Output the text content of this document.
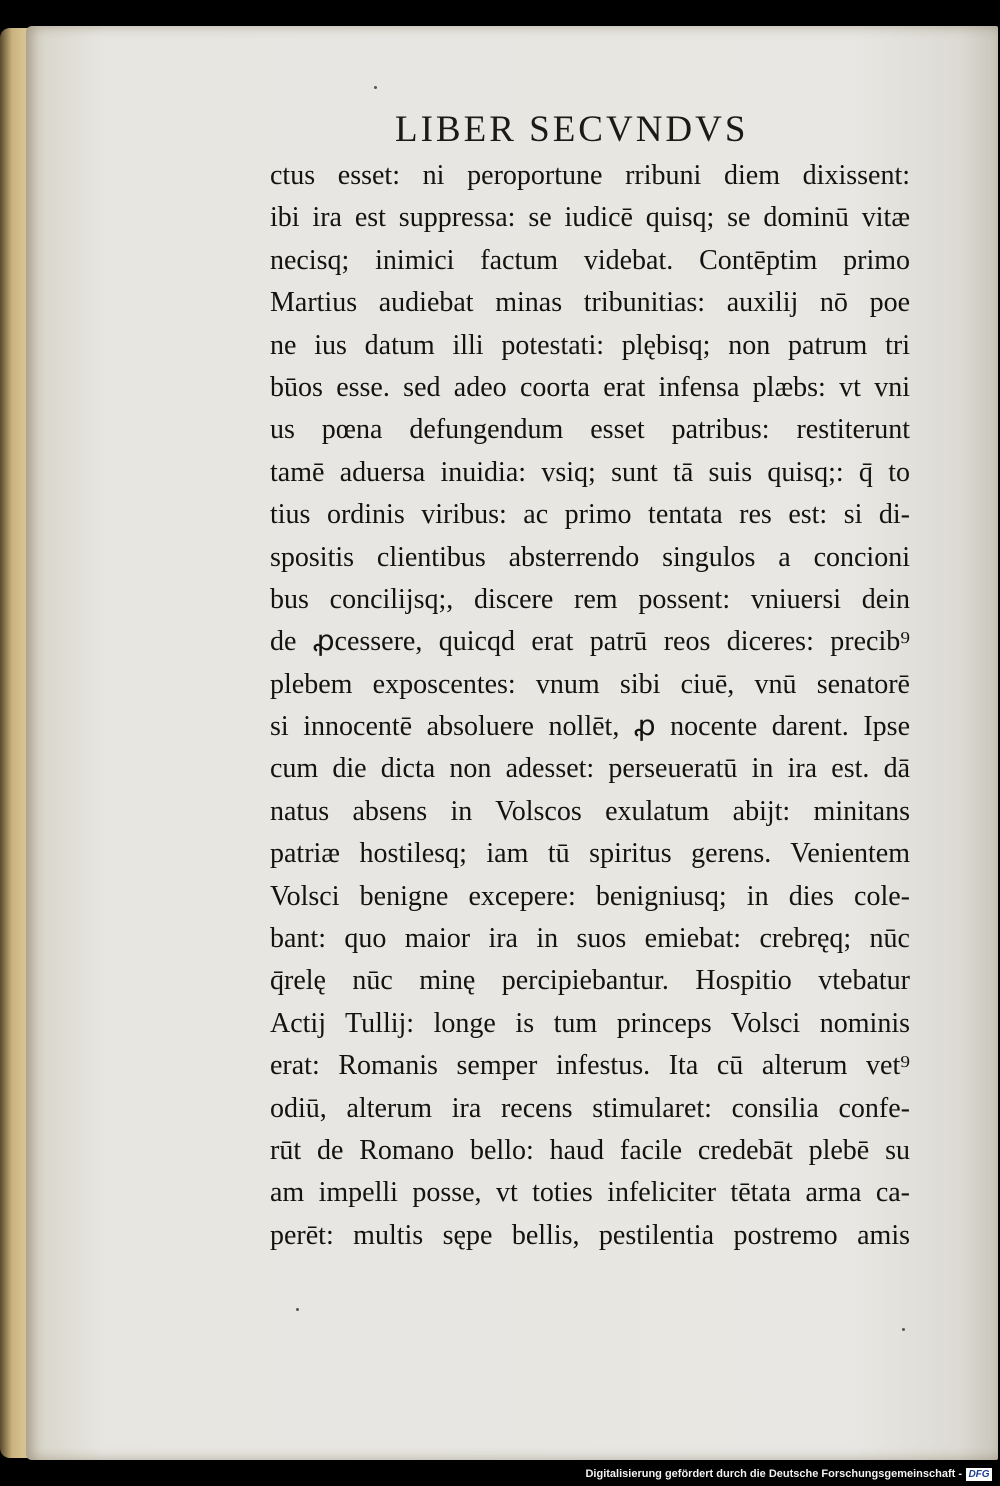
LIBER SECVNDVS
ctus esset: ni peroportune rribuni diem dixissent:
ibi ira est suppressa: se iudicē quisq; se dominū vitæ
necisq; inimici factum videbat. Contēptim primo
Martius audiebat minas tribunitias: auxilij nō poe
ne ius datum illi potestati: plębisq; non patrum tri
būos esse. sed adeo coorta erat infensa plæbs: vt vni
us pœna defungendum esset patribus: restiterunt
tamē aduersa inuidia: vsiq; sunt tā suis quisq;: q̄ to
tius ordinis viribus: ac primo tentata res est: si di-
spositis clientibus absterrendo singulos a concioni
bus concilijsq;, discere rem possent: vniuersi dein
de ꝓcessere, quicqd erat patrū reos diceres: precib⁹
plebem exposcentes: vnum sibi ciuē, vnū senatorē
si innocentē absoluere nollēt, ꝓ nocente darent. Ipse
cum die dicta non adesset: perseueratū in ira est. dā
natus absens in Volscos exulatum abijt: minitans
patriæ hostilesq; iam tū spiritus gerens. Venientem
Volsci benigne excepere: benigniusq; in dies cole-
bant: quo maior ira in suos emiebat: crebręq; nūc
q̄relę nūc minę percipiebantur. Hospitio vtebatur
Actij Tullij: longe is tum princeps Volsci nominis
erat: Romanis semper infestus. Ita cū alterum vet⁹
odiū, alterum ira recens stimularet: consilia confe-
rūt de Romano bello: haud facile credebāt plebē su
am impelli posse, vt toties infeliciter tētata arma ca-
perēt: multis sępe bellis, pestilentia postremo amis
Digitalisierung gefördert durch die Deutsche Forschungsgemeinschaft - DFG
